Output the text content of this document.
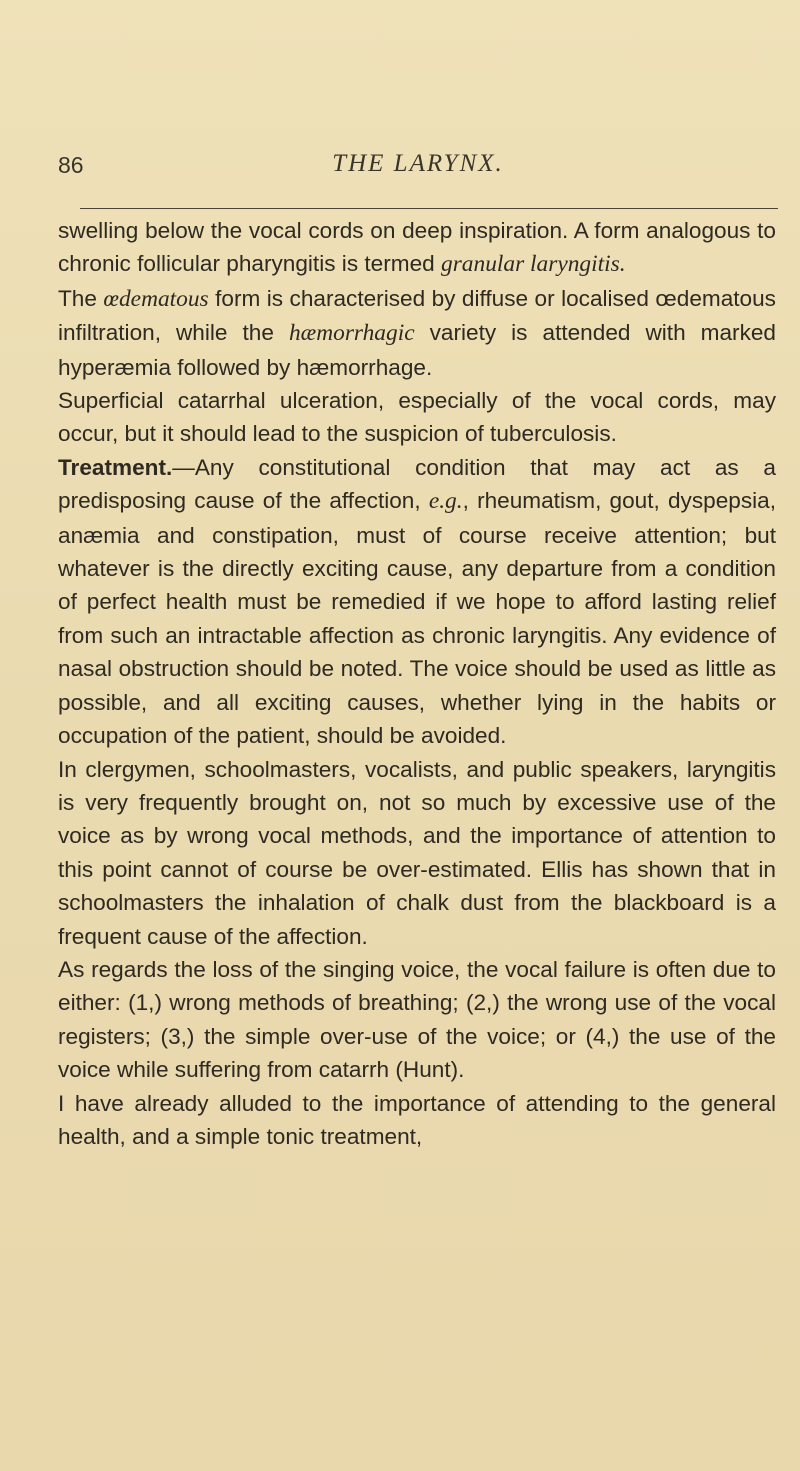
86	THE LARYNX.

swelling below the vocal cords on deep inspiration. A form analogous to chronic follicular pharyngitis is termed granular laryngitis.

The œdematous form is characterised by diffuse or localised œdematous infiltration, while the hæmorrhagic variety is attended with marked hyperæmia followed by hæmorrhage.

Superficial catarrhal ulceration, especially of the vocal cords, may occur, but it should lead to the suspicion of tuberculosis.

Treatment.—Any constitutional condition that may act as a predisposing cause of the affection, e.g., rheumatism, gout, dyspepsia, anæmia and constipation, must of course receive attention; but whatever is the directly exciting cause, any departure from a condition of perfect health must be remedied if we hope to afford lasting relief from such an intractable affection as chronic laryngitis. Any evidence of nasal obstruction should be noted. The voice should be used as little as possible, and all exciting causes, whether lying in the habits or occupation of the patient, should be avoided.

In clergymen, schoolmasters, vocalists, and public speakers, laryngitis is very frequently brought on, not so much by excessive use of the voice as by wrong vocal methods, and the importance of attention to this point cannot of course be over-estimated. Ellis has shown that in schoolmasters the inhalation of chalk dust from the blackboard is a frequent cause of the affection.

As regards the loss of the singing voice, the vocal failure is often due to either: (1,) wrong methods of breathing; (2,) the wrong use of the vocal registers; (3,) the simple over-use of the voice; or (4,) the use of the voice while suffering from catarrh (Hunt).

I have already alluded to the importance of attending to the general health, and a simple tonic treatment,
